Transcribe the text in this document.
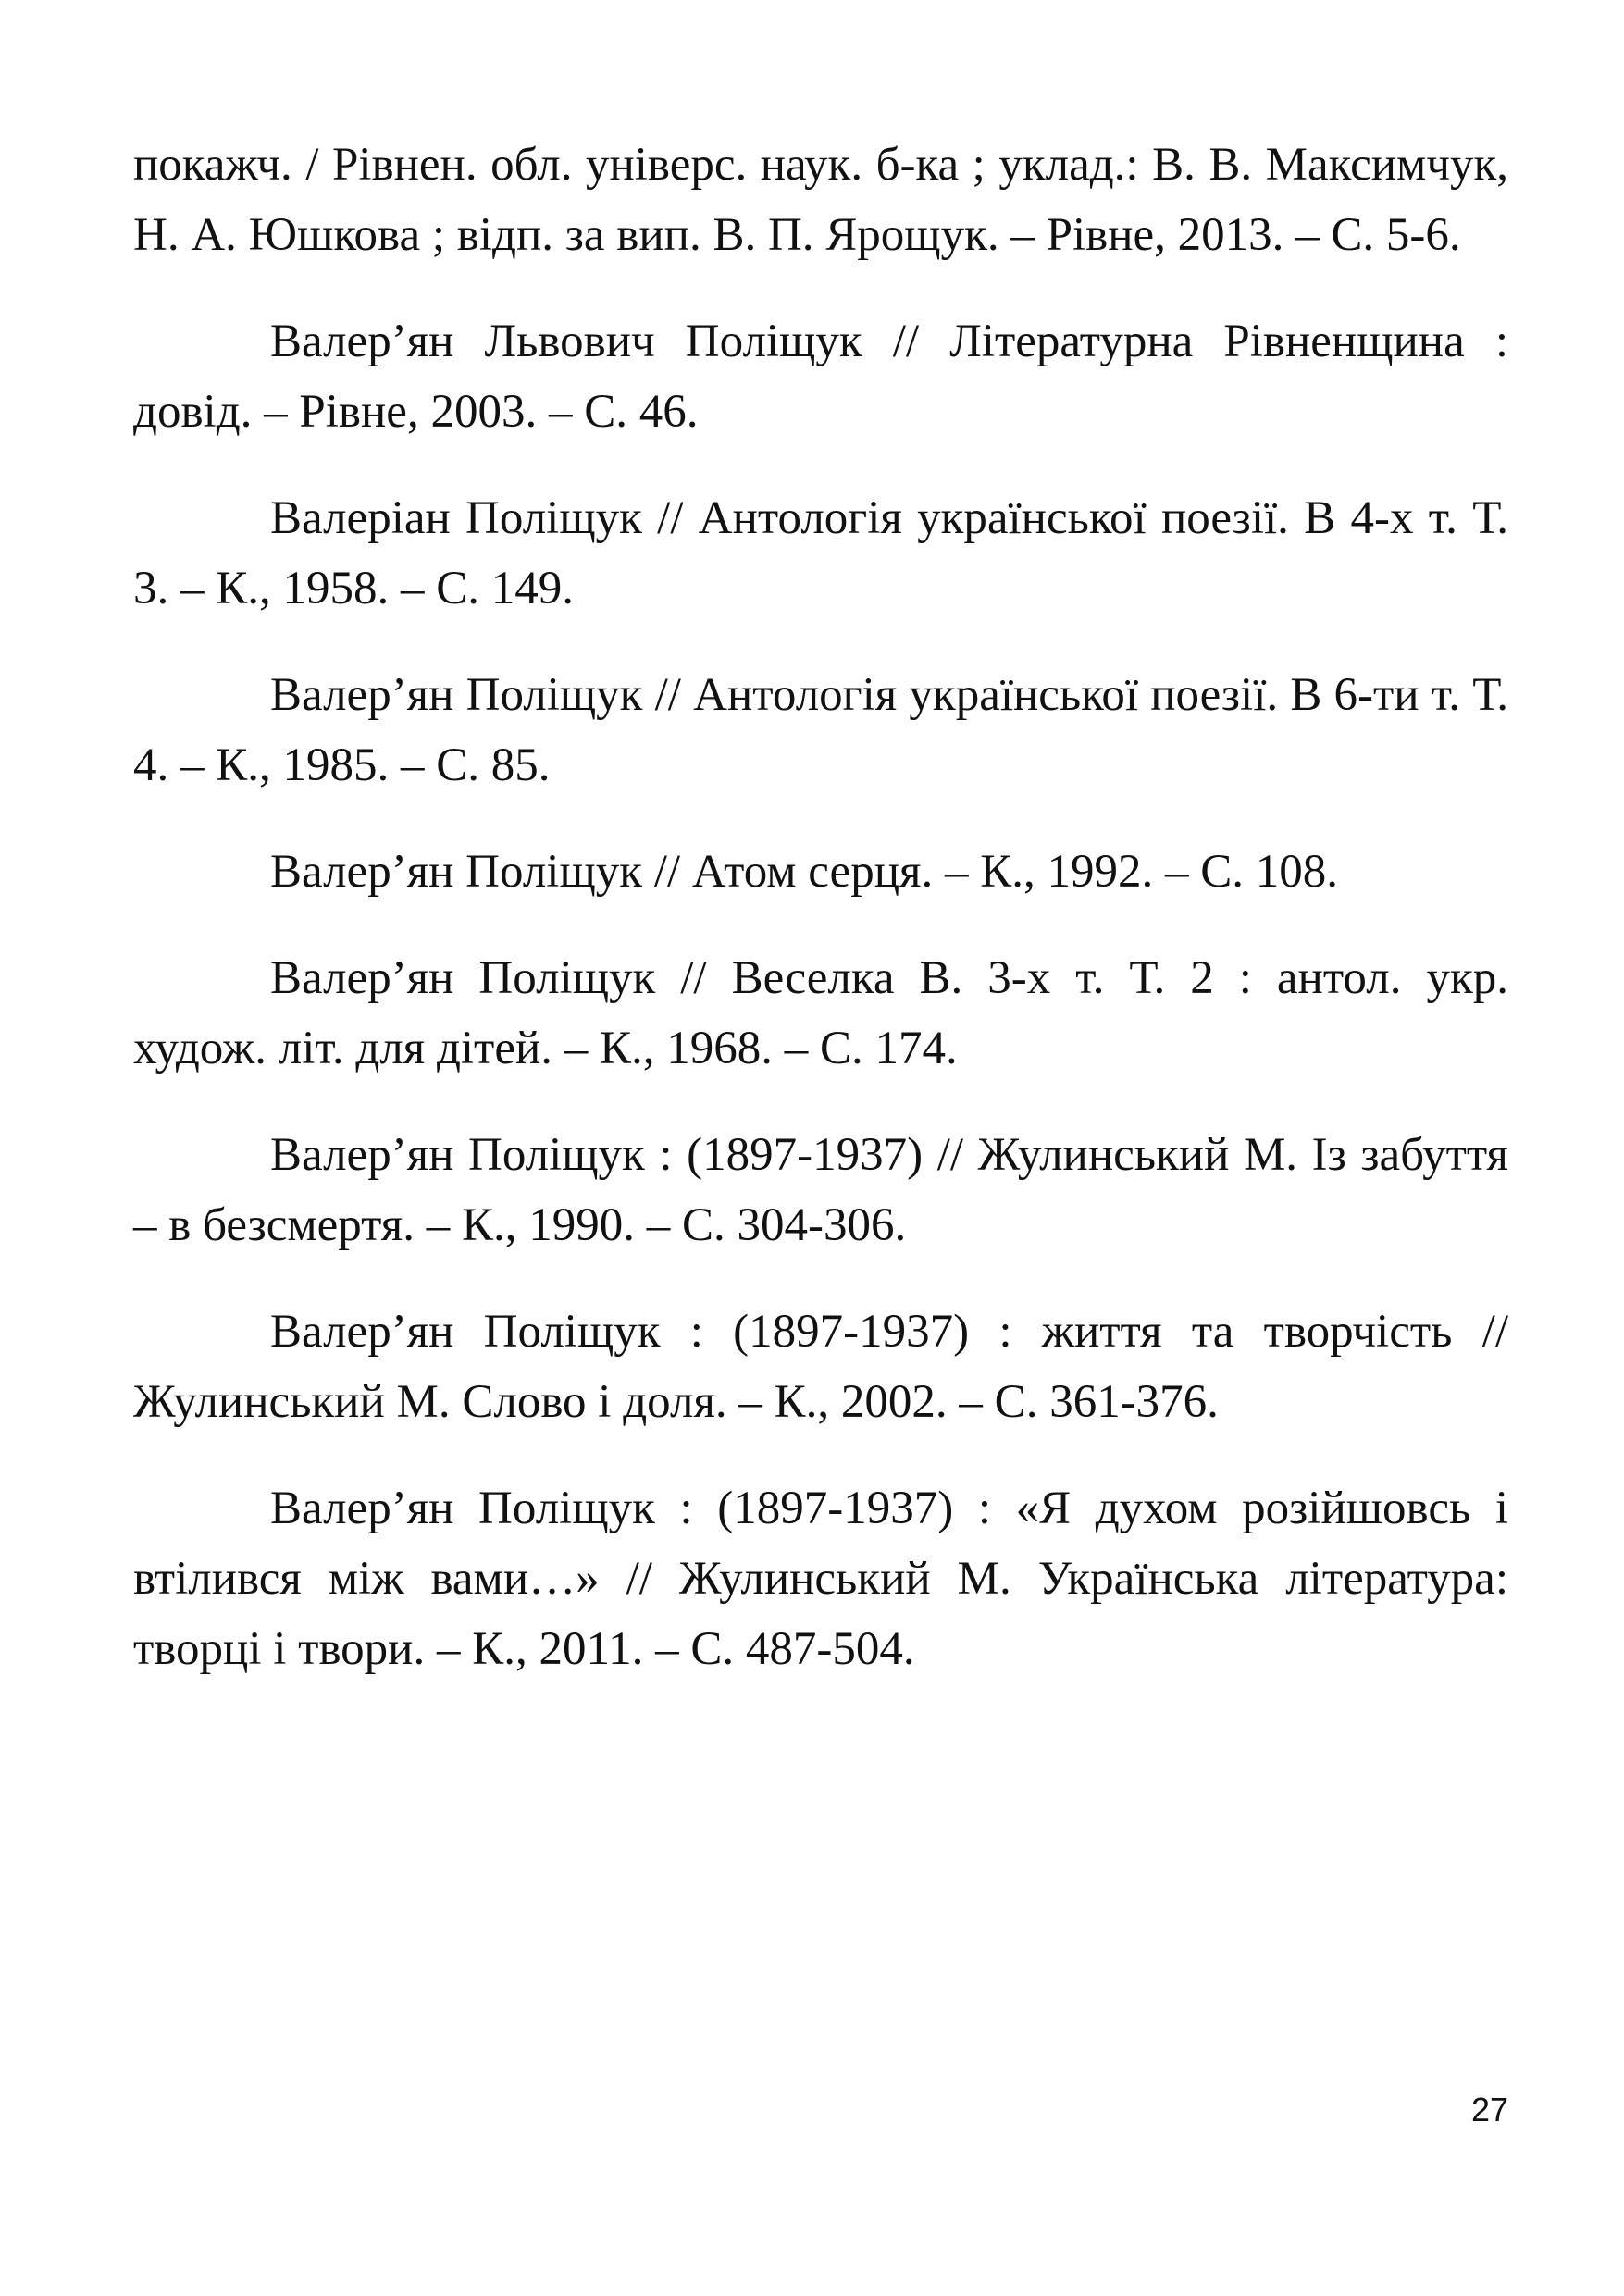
покажч. / Рівнен. обл. універс. наук. б-ка ; уклад.: В. В. Максимчук, Н. А. Юшкова ; відп. за вип. В. П. Ярощук. – Рівне, 2013. – С. 5-6.

Валер’ян Львович Поліщук // Літературна Рівненщина : довід. – Рівне, 2003. – С. 46.

Валеріан Поліщук // Антологія української поезії. В 4-х т. Т. 3. – К., 1958. – С. 149.

Валер’ян Поліщук // Антологія української поезії. В 6-ти т. Т. 4. – К., 1985. – С. 85.

Валер’ян Поліщук // Атом серця. – К., 1992. – С. 108.

Валер’ян Поліщук // Веселка В. 3-х т. Т. 2 : антол. укр. худож. літ. для дітей. – К., 1968. – С. 174.

Валер’ян Поліщук : (1897-1937) // Жулинський М. Із забуття – в безсмертя. – К., 1990. – С. 304-306.

Валер’ян Поліщук : (1897-1937) : життя та творчість // Жулинський М. Слово і доля. – К., 2002. – С. 361-376.

Валер’ян Поліщук : (1897-1937) : «Я духом розійшовсь і втілився між вами…» // Жулинський М. Українська література: творці і твори. – К., 2011. – С. 487-504.

27
